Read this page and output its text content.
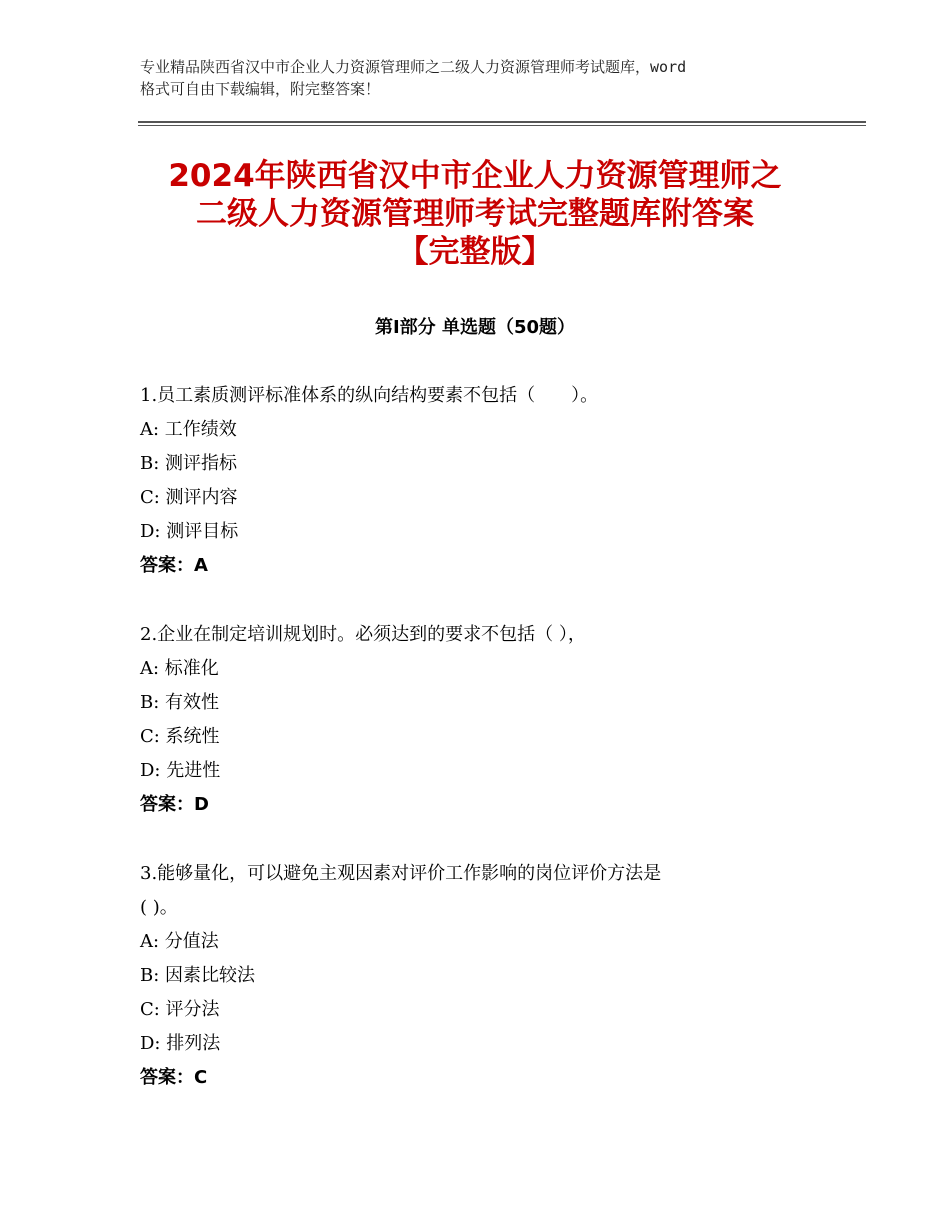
专业精品陕西省汉中市企业人力资源管理师之二级人力资源管理师考试题库，word
格式可自由下载编辑，附完整答案！
2024年陕西省汉中市企业人力资源管理师之
二级人力资源管理师考试完整题库附答案
【完整版】
第Ⅰ部分 单选题（50题）
1.员工素质测评标准体系的纵向结构要素不包括（　　）。
A: 工作绩效
B: 测评指标
C: 测评内容
D: 测评目标
答案：A
2.企业在制定培训规划时。必须达到的要求不包括（ ），
A: 标准化
B: 有效性
C: 系统性
D: 先进性
答案：D
3.能够量化，可以避免主观因素对评价工作影响的岗位评价方法是
( )。
A: 分值法
B: 因素比较法
C: 评分法
D: 排列法
答案：C
